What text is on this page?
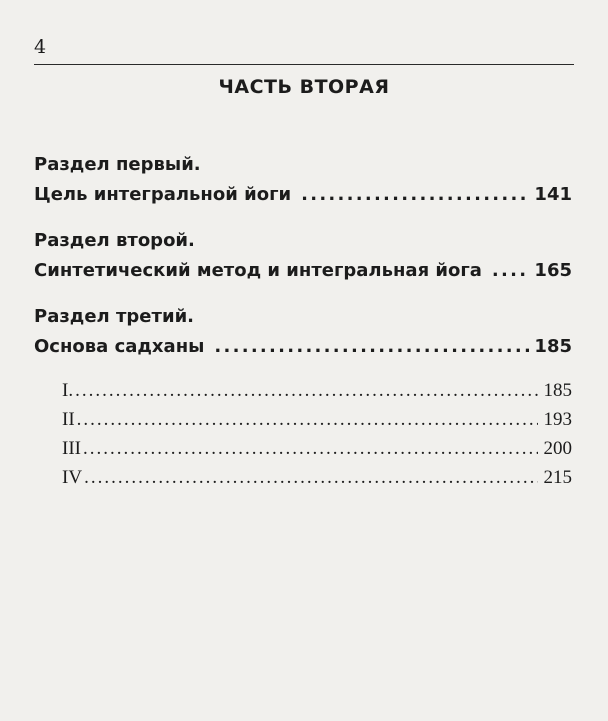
4
ЧАСТЬ ВТОРАЯ
Раздел первый.
Цель интегральной йоги . . .	141
Раздел второй.
Синтетический метод и интегральная йога . . .	165
Раздел третий.
Основа садханы . . .	185
I. .....	185
II .....	193
III .....	200
IV .....	215
